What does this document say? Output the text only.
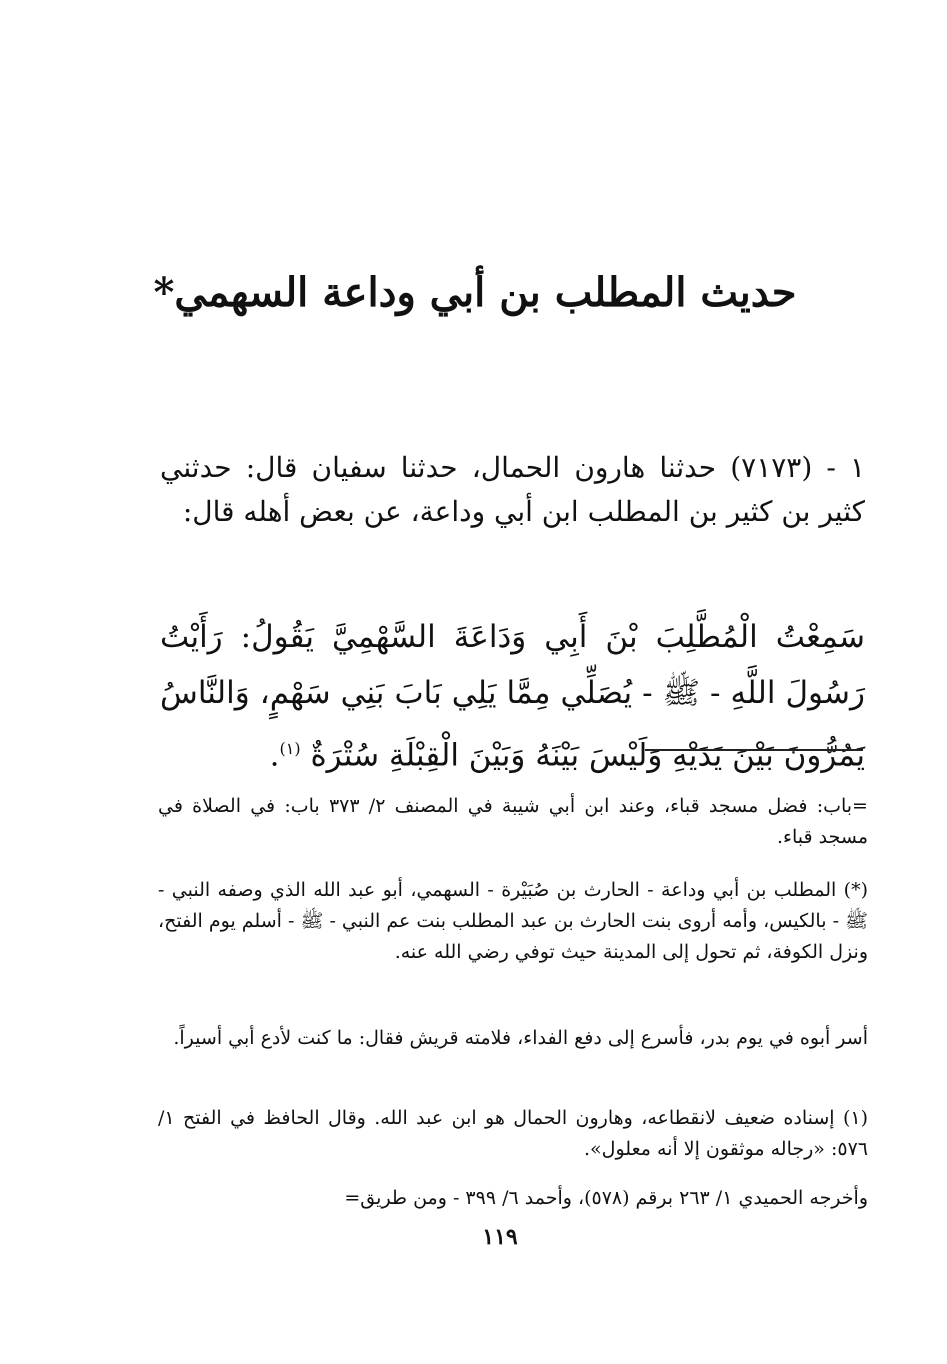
حديث المطلب بن أبي وداعة السهمي*

١ - (٧١٧٣) حدثنا هارون الحمال، حدثنا سفيان قال: حدثني كثير بن كثير بن المطلب ابن أبي وداعة، عن بعض أهله قال:

سَمِعْتُ الْمُطَّلِبَ بْنَ أَبِي وَدَاعَةَ السَّهْمِيَّ يَقُولُ: رَأَيْتُ رَسُولَ اللَّهِ - ﷺ - يُصَلِّي مِمَّا يَلِي بَابَ بَنِي سَهْمٍ، وَالنَّاسُ يَمُرُّونَ بَيْنَ يَدَيْهِ وَلَيْسَ بَيْنَهُ وَبَيْنَ الْقِبْلَةِ سُتْرَةٌ $^{(١)}$.

=باب: فضل مسجد قباء، وعند ابن أبي شيبة في المصنف ٢/ ٣٧٣ باب: في الصلاة في مسجد قباء.

(*) المطلب بن أبي وداعة - الحارث بن صُبَيْرة - السهمي، أبو عبد الله الذي وصفه النبي - ﷺ - بالكيس، وأمه أروى بنت الحارث بن عبد المطلب بنت عم النبي - ﷺ - أسلم يوم الفتح، ونزل الكوفة، ثم تحول إلى المدينة حيث توفي رضي الله عنه.

أسر أبوه في يوم بدر، فأسرع إلى دفع الفداء، فلامته قريش فقال: ما كنت لأدع أبي أسيراً.

(١) إسناده ضعيف لانقطاعه، وهارون الحمال هو ابن عبد الله. وقال الحافظ في الفتح ١/ ٥٧٦: «رجاله موثقون إلا أنه معلول».

وأخرجه الحميدي ١/ ٢٦٣ برقم (٥٧٨)، وأحمد ٦/ ٣٩٩ - ومن طريق=

١١٩
